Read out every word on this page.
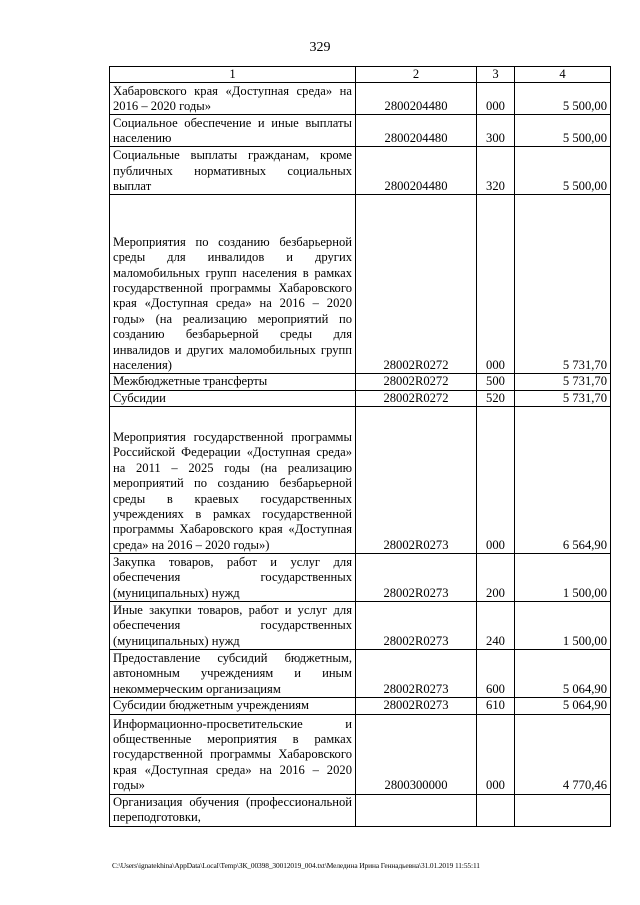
329
1	2	3	4
Хабаровского края «Доступная среда» на 2016 – 2020 годы»	2800204480	000	5 500,00
Социальное обеспечение и иные выплаты населению	2800204480	300	5 500,00
Социальные выплаты гражданам, кроме публичных нормативных социальных выплат	2800204480	320	5 500,00
Мероприятия по созданию безбарьерной среды для инвалидов и других маломобильных групп населения в рамках государственной программы Хабаровского края «Доступная среда» на 2016 – 2020 годы» (на реализацию мероприятий по созданию безбарьерной среды для инвалидов и других маломобильных групп населения)	28002R0272	000	5 731,70
Межбюджетные трансферты	28002R0272	500	5 731,70
Субсидии	28002R0272	520	5 731,70
Мероприятия государственной программы Российской Федерации «Доступная среда» на 2011 – 2025 годы (на реализацию мероприятий по созданию безбарьерной среды в краевых государственных учреждениях в рамках государственной программы Хабаровского края «Доступная среда» на 2016 – 2020 годы»)	28002R0273	000	6 564,90
Закупка товаров, работ и услуг для обеспечения государственных (муниципальных) нужд	28002R0273	200	1 500,00
Иные закупки товаров, работ и услуг для обеспечения государственных (муниципальных) нужд	28002R0273	240	1 500,00
Предоставление субсидий бюджетным, автономным учреждениям и иным некоммерческим организациям	28002R0273	600	5 064,90
Субсидии бюджетным учреждениям	28002R0273	610	5 064,90
Информационно-просветительские и общественные мероприятия в рамках государственной программы Хабаровского края «Доступная среда» на 2016 – 2020 годы»	2800300000	000	4 770,46
Организация обучения (профессиональной переподготовки,			
C:\Users\ignatekhina\AppData\Local\Temp\ЗК_00398_30012019_004.txt\Меледина Ирина Геннадьевна\31.01.2019 11:55:11
